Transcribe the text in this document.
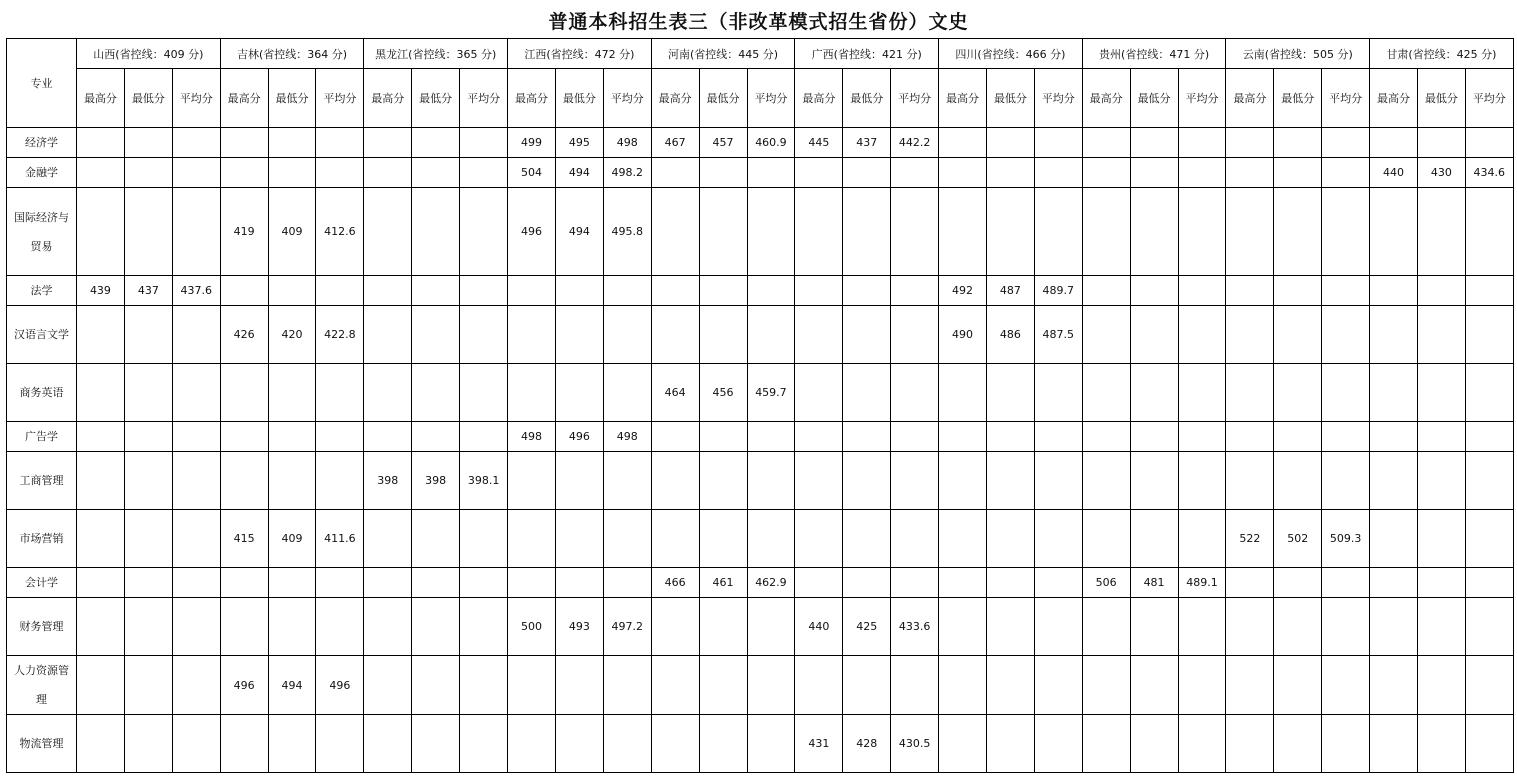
普通本科招生表三（非改革模式招生省份）文史
专业	山西(省控线：409 分)			吉林(省控线：364 分)			黑龙江(省控线：365 分)			江西(省控线：472 分)			河南(省控线：445 分)			广西(省控线：421 分)			四川(省控线：466 分)			贵州(省控线：471 分)			云南(省控线：505 分)			甘肃(省控线：425 分)		
	最高分	最低分	平均分	最高分	最低分	平均分	最高分	最低分	平均分	最高分	最低分	平均分	最高分	最低分	平均分	最高分	最低分	平均分	最高分	最低分	平均分	最高分	最低分	平均分	最高分	最低分	平均分	最高分	最低分	平均分
经济学										499	495	498	467	457	460.9	445	437	442.2												
金融学										504	494	498.2																440	430	434.6
国际经济与贸易				419	409	412.6				496	494	495.8																		
法学	439	437	437.6																492	487	489.7									
汉语言文学				426	420	422.8													490	486	487.5									
商务英语													464	456	459.7															
广告学										498	496	498																		
工商管理							398	398	398.1																					
市场营销				415	409	411.6																			522	502	509.3			
会计学													466	461	462.9							506	481	489.1						
财务管理										500	493	497.2				440	425	433.6												
人力资源管理				496	494	496																								
物流管理																431	428	430.5												
